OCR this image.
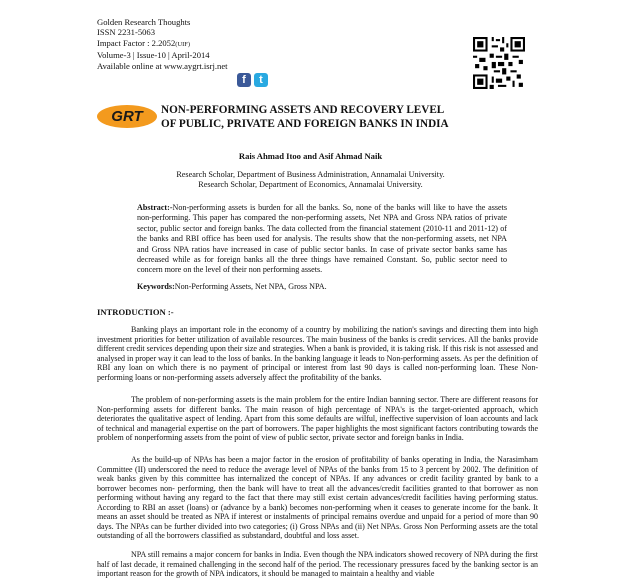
Golden Research Thoughts
ISSN 2231-5063
Impact Factor : 2.2052(UIF)
Volume-3 | Issue-10 | April-2014
Available online at www.aygrt.isrj.net
f	t
GRT	NON-PERFORMING ASSETS AND RECOVERY LEVEL
OF PUBLIC, PRIVATE AND FOREIGN BANKS IN INDIA
Rais Ahmad Itoo and Asif Ahmad Naik
Research Scholar, Department of Business Administration, Annamalai University.
Research Scholar, Department of Economics, Annamalai University.
Abstract:-Non-performing assets is burden for all the banks. So, none of the banks will like to have the assets non-performing. This paper has compared the non-performing assets, Net NPA and Gross NPA ratios of private sector, public sector and foreign banks. The data collected from the financial statement (2010-11 and 2011-12) of the banks and RBI office has been used for analysis. The results show that the non-performing assets, net NPA and Gross NPA ratios have increased in case of public sector banks. In case of private sector banks same has decreased while as for foreign banks all the three things have remained Constant. So, public sector need to concern more on the level of their non performing assets.
Keywords:Non-Performing Assets, Net NPA, Gross NPA.
INTRODUCTION :-
Banking plays an important role in the economy of a country by mobilizing the nation's savings and directing them into high investment priorities for better utilization of available resources. The main business of the banks is credit services. All the banks provide different credit services depending upon their size and strategies. When a bank is provided, it is taking risk. If this risk is not assessed and analysed in proper way it can lead to the loss of banks. In the banking language it leads to Non-performing assets. As per the definition of RBI any loan on which there is no payment of principal or interest from last 90 days is called non-performing loan. These Non-performing loans or non-performing assets adversely affect the profitability of the banks.
The problem of non-performing assets is the main problem for the entire Indian banning sector. There are different reasons for Non-performing assets for different banks. The main reason of high percentage of NPA's is the target-oriented approach, which deteriorates the qualitative aspect of lending. Apart from this some defaults are wilful, ineffective supervision of loan accounts and lack of technical and managerial expertise on the part of borrowers. The paper highlights the most significant factors contributing towards the problem of nonperforming assets from the point of view of public sector, private sector and foreign banks in India.
As the build-up of NPAs has been a major factor in the erosion of profitability of banks operating in India, the Narasimham Committee (II) underscored the need to reduce the average level of NPAs of the banks from 15 to 3 percent by 2002. The definition of weak banks given by this committee has internalized the concept of NPAs. If any advances or credit facility granted by bank to a borrower becomes non- performing, then the bank will have to treat all the advances/credit facilities granted to that borrower as non performing without having any regard to the fact that there may still exist certain advances/credit facilities having performing status. According to RBI an asset (loans) or (advance by a bank) becomes non-performing when it ceases to generate income for the bank. It means an asset should be treated as NPA if interest or instalments of principal remains overdue and unpaid for a period of more than 90 days. The NPAs can be further divided into two categories; (i) Gross NPAs and (ii) Net NPAs. Gross Non Performing assets are the total outstanding of all the borrowers classified as substandard, doubtful and loss asset.
NPA still remains a major concern for banks in India. Even though the NPA indicators showed recovery of NPA during the first half of last decade, it remained challenging in the second half of the period. The recessionary pressures faced by the banking sector is an important reason for the growth of NPA indicators, it should be managed to maintain a healthy and viable
